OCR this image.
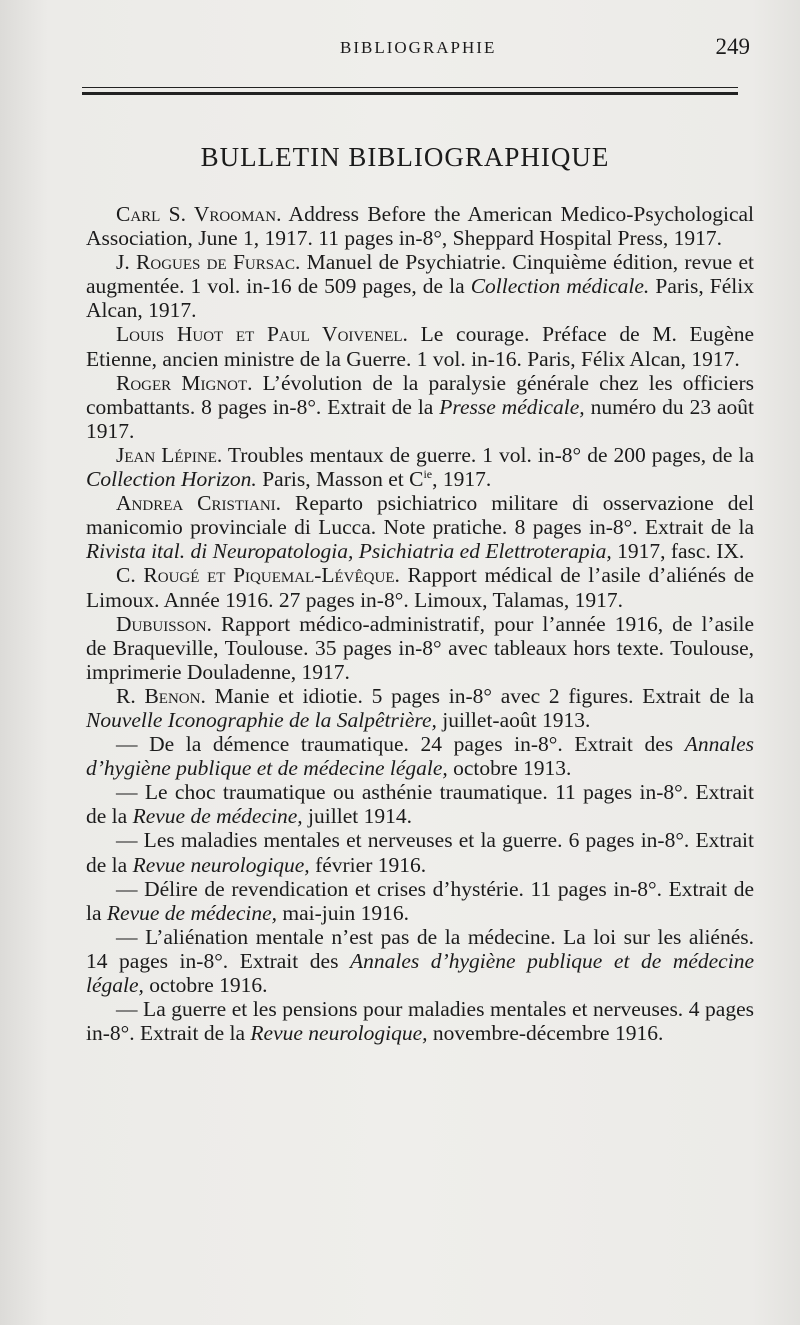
BIBLIOGRAPHIE	249
BULLETIN BIBLIOGRAPHIQUE

Carl S. Vrooman. Address Before the American Medico-Psychological Association, June 1, 1917. 11 pages in-8°, Sheppard Hospital Press, 1917.

J. Rogues de Fursac. Manuel de Psychiatrie. Cinquième édition, revue et augmentée. 1 vol. in-16 de 509 pages, de la Collection médicale. Paris, Félix Alcan, 1917.

Louis Huot et Paul Voivenel. Le courage. Préface de M. Eugène Etienne, ancien ministre de la Guerre. 1 vol. in-16. Paris, Félix Alcan, 1917.

Roger Mignot. L’évolution de la paralysie générale chez les officiers combattants. 8 pages in-8°. Extrait de la Presse médicale, numéro du 23 août 1917.

Jean Lépine. Troubles mentaux de guerre. 1 vol. in-8° de 200 pages, de la Collection Horizon. Paris, Masson et $C^{ie}$, 1917.

Andrea Cristiani. Reparto psichiatrico militare di osservazione del manicomio provinciale di Lucca. Note pratiche. 8 pages in-8°. Extrait de la Rivista ital. di Neuropatologia, Psichiatria ed Elettroterapia, 1917, fasc. IX.

C. Rougé et Piquemal-Lévêque. Rapport médical de l’asile d’aliénés de Limoux. Année 1916. 27 pages in-8°. Limoux, Talamas, 1917.

Dubuisson. Rapport médico-administratif, pour l’année 1916, de l’asile de Braqueville, Toulouse. 35 pages in-8° avec tableaux hors texte. Toulouse, imprimerie Douladenne, 1917.

R. Benon. Manie et idiotie. 5 pages in-8° avec 2 figures. Extrait de la Nouvelle Iconographie de la Salpêtrière, juillet-août 1913.

— De la démence traumatique. 24 pages in-8°. Extrait des Annales d’hygiène publique et de médecine légale, octobre 1913.

— Le choc traumatique ou asthénie traumatique. 11 pages in-8°. Extrait de la Revue de médecine, juillet 1914.

— Les maladies mentales et nerveuses et la guerre. 6 pages in-8°. Extrait de la Revue neurologique, février 1916.

— Délire de revendication et crises d’hystérie. 11 pages in-8°. Extrait de la Revue de médecine, mai-juin 1916.

— L’aliénation mentale n’est pas de la médecine. La loi sur les aliénés. 14 pages in-8°. Extrait des Annales d’hygiène publique et de médecine légale, octobre 1916.

— La guerre et les pensions pour maladies mentales et nerveuses. 4 pages in-8°. Extrait de la Revue neurologique, novembre-décembre 1916.
